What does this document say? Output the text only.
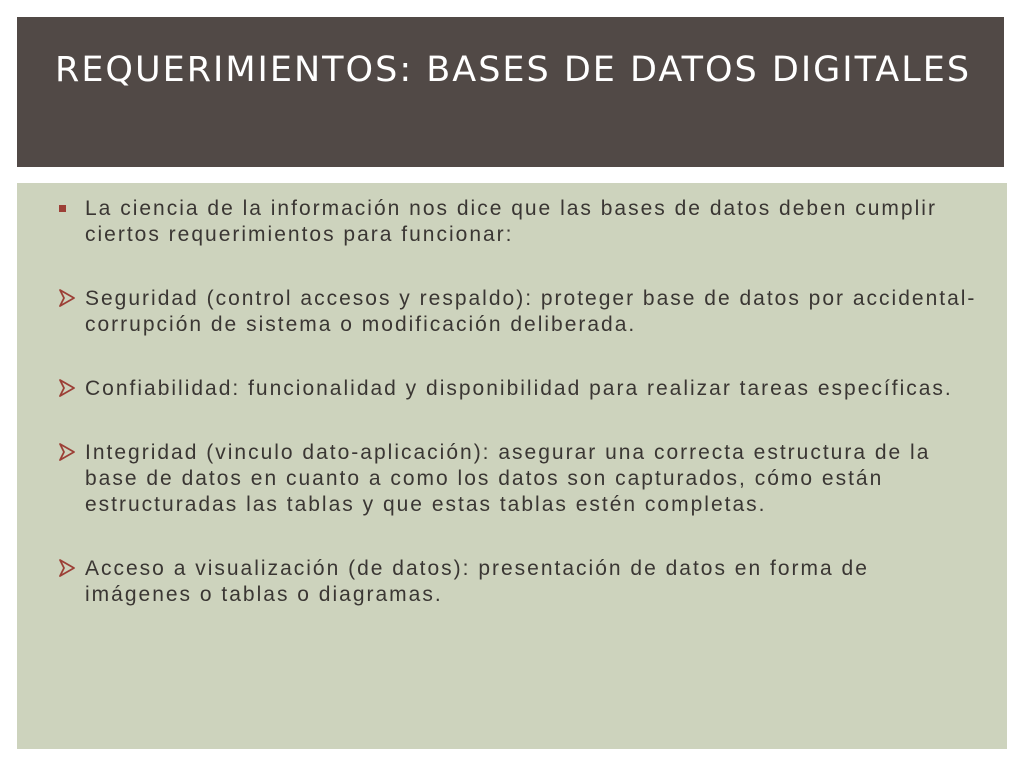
REQUERIMIENTOS: BASES DE DATOS DIGITALES
La ciencia de la información nos dice que las bases de datos deben cumplir ciertos requerimientos para funcionar:
Seguridad (control accesos y respaldo): proteger base de datos por accidental-corrupción de sistema o modificación deliberada.
Confiabilidad: funcionalidad y disponibilidad para realizar tareas específicas.
Integridad (vinculo dato-aplicación): asegurar una correcta estructura de la base de datos en cuanto a como los datos son capturados, cómo están estructuradas las tablas y que estas tablas estén completas.
Acceso a visualización (de datos): presentación de datos en forma de imágenes o tablas o diagramas.
